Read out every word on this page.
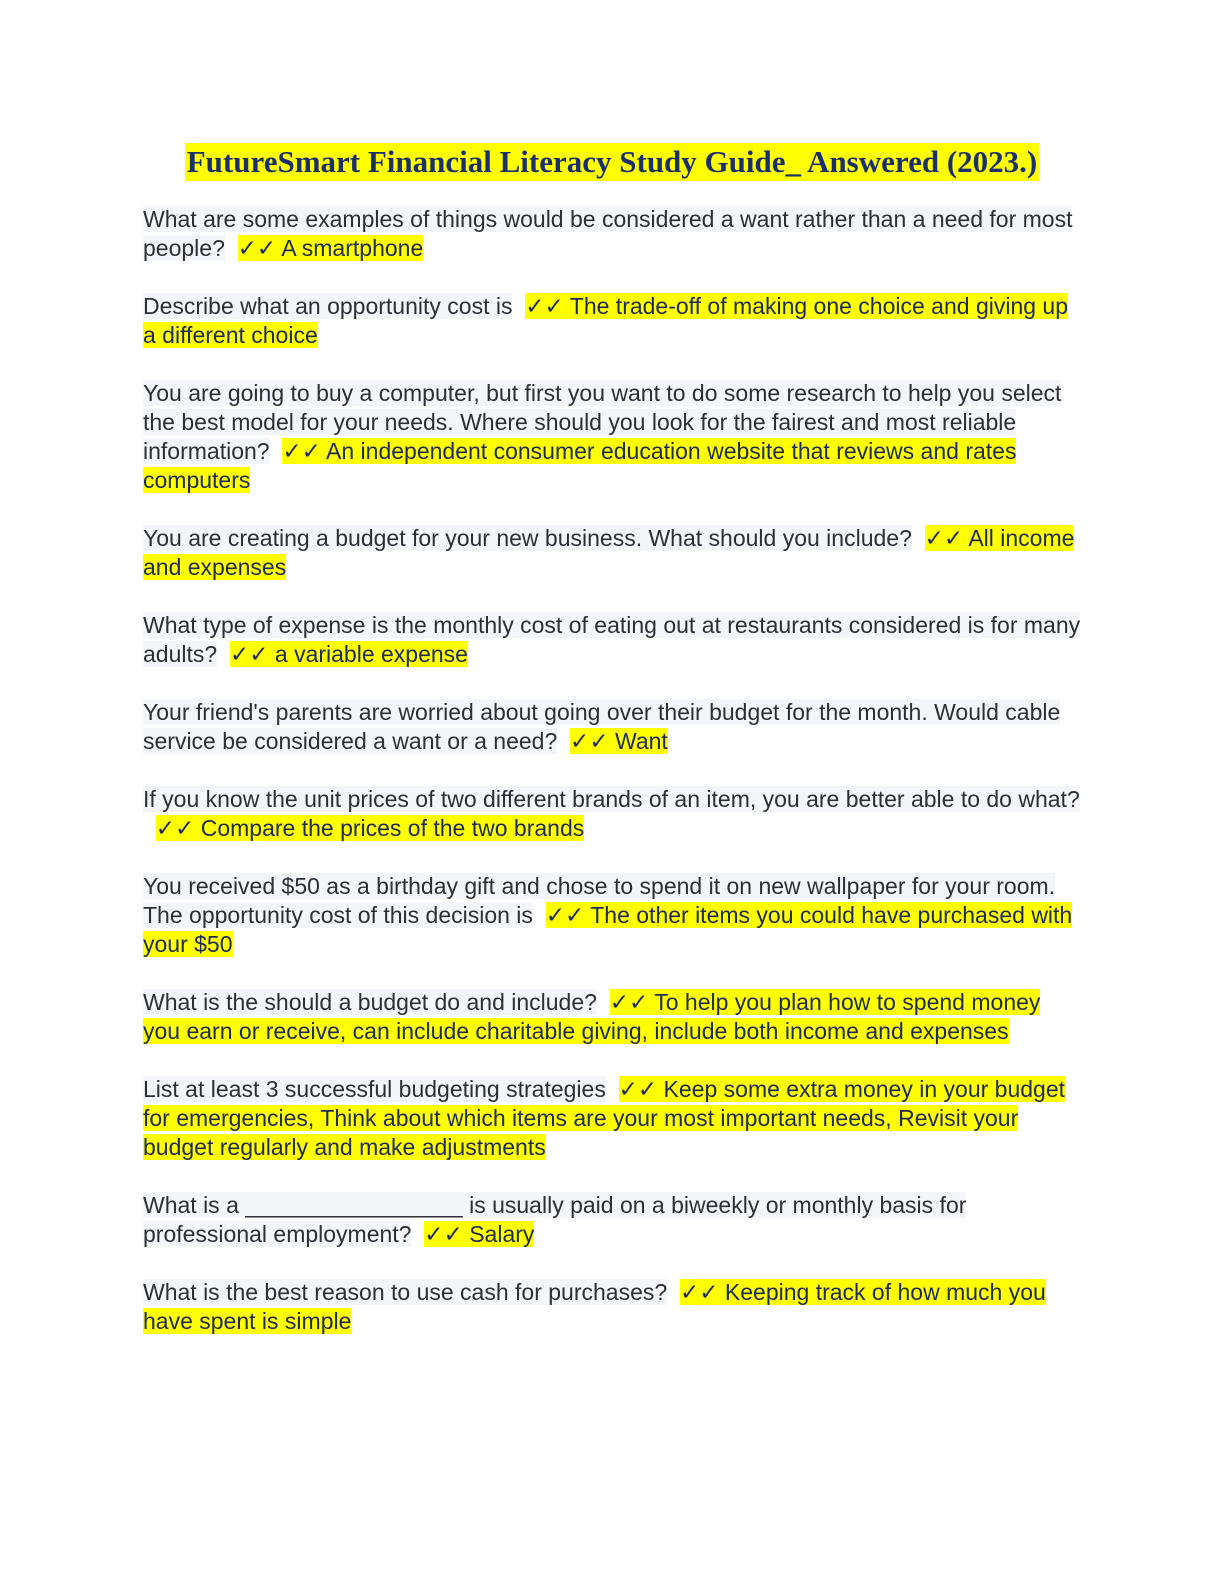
FutureSmart Financial Literacy Study Guide_ Answered (2023.)

What are some examples of things would be considered a want rather than a need for most people? ✓✓ A smartphone

Describe what an opportunity cost is ✓✓ The trade-off of making one choice and giving up a different choice

You are going to buy a computer, but first you want to do some research to help you select the best model for your needs. Where should you look for the fairest and most reliable information? ✓✓ An independent consumer education website that reviews and rates computers

You are creating a budget for your new business. What should you include? ✓✓ All income and expenses

What type of expense is the monthly cost of eating out at restaurants considered is for many adults? ✓✓ a variable expense

Your friend's parents are worried about going over their budget for the month. Would cable service be considered a want or a need? ✓✓ Want

If you know the unit prices of two different brands of an item, you are better able to do what?  ✓✓ Compare the prices of the two brands

You received $50 as a birthday gift and chose to spend it on new wallpaper for your room. The opportunity cost of this decision is ✓✓ The other items you could have purchased with your $50

What is the should a budget do and include? ✓✓ To help you plan how to spend money you earn or receive, can include charitable giving, include both income and expenses

List at least 3 successful budgeting strategies ✓✓ Keep some extra money in your budget for emergencies, Think about which items are your most important needs, Revisit your budget regularly and make adjustments

What is a _________________ is usually paid on a biweekly or monthly basis for professional employment? ✓✓ Salary

What is the best reason to use cash for purchases? ✓✓ Keeping track of how much you have spent is simple
